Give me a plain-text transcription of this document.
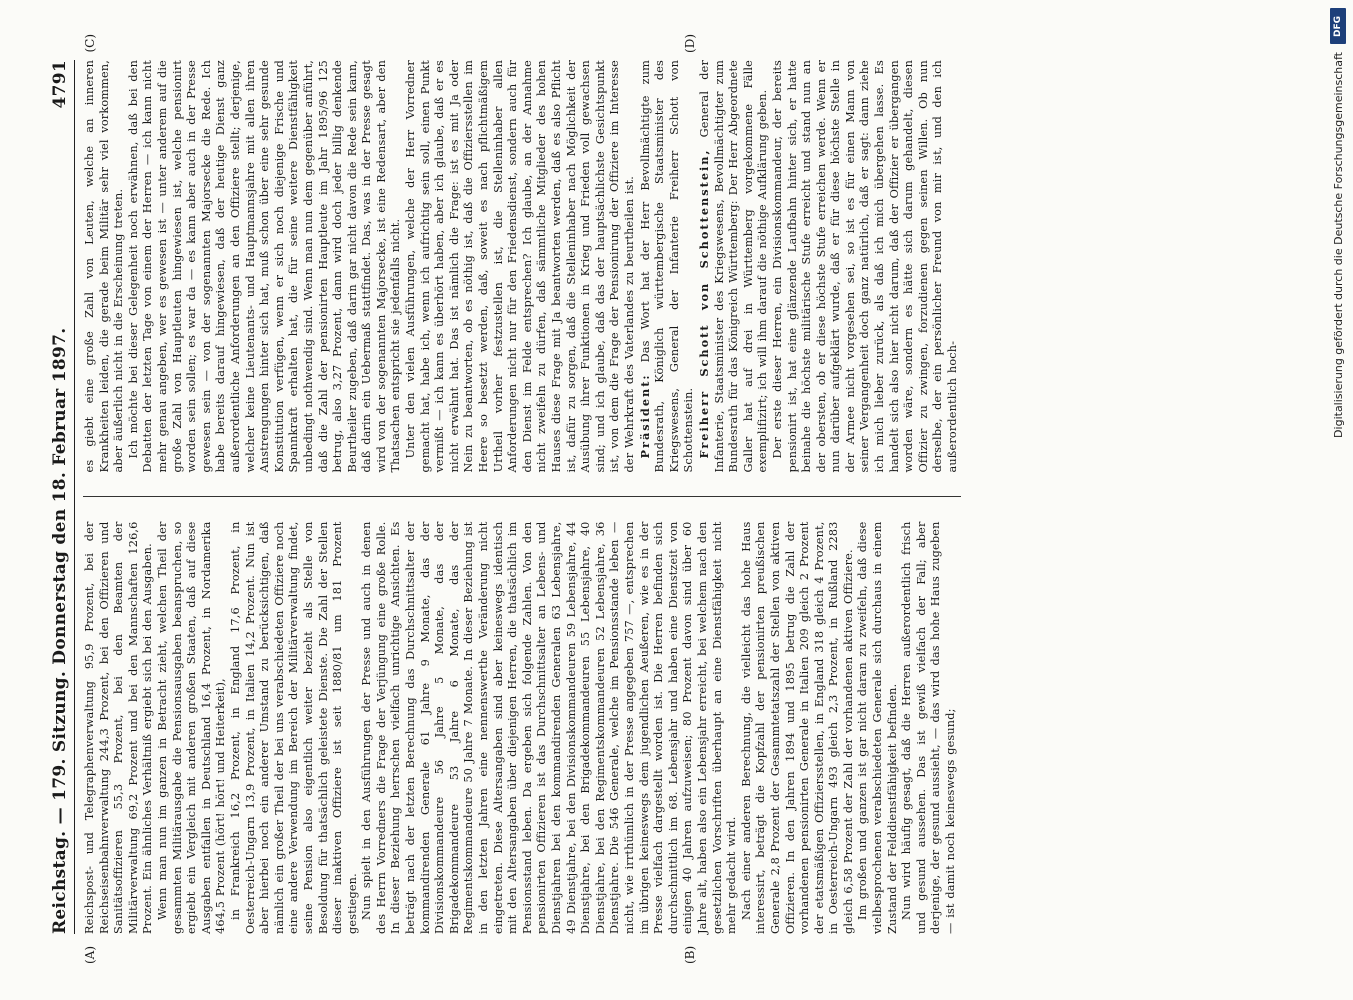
Reichstag. — 179. Sitzung. Donnerstag den 18. Februar 1897.
4791

Reichspost- und Telegraphenverwaltung 95,9 Prozent, bei der Reichseisenbahnverwaltung 244,3 Prozent, bei den Offizieren und Sanitätsoffizieren 55,3 Prozent, bei den Beamten der Militärverwaltung 69,2 Prozent und bei den Mannschaften 126,6 Prozent. Ein ähnliches Verhältniß ergiebt sich bei den Ausgaben. Wenn man nun im ganzen in Betracht zieht, welchen Theil der gesammten Militärausgabe die Pensionsausgaben beanspruchen, so ergiebt ein Vergleich mit anderen großen Staaten, daß auf diese Ausgaben entfallen in Deutschland 16,4 Prozent, in Nordamerika 464,5 Prozent (hört! hört! und Heiterkeit), in Frankreich 16,2 Prozent, in England 17,6 Prozent, in Oesterreich-Ungarn 13,9 Prozent, in Italien 14,2 Prozent. Nun ist aber hierbei noch ein anderer Umstand zu berücksichtigen, daß nämlich ein großer Theil der bei uns verabschiedeten Offiziere noch eine andere Verwendung im Bereich der Militärverwaltung findet, seine Pension also eigentlich weiter bezieht als Stelle von Besoldung für thatsächlich geleistete Dienste. Die Zahl der Stellen dieser inaktiven Offiziere ist seit 1880/81 um 181 Prozent gestiegen. Nun spielt in den Ausführungen der Presse und auch in denen des Herrn Vorredners die Frage der Verjüngung eine große Rolle. In dieser Beziehung herrschen vielfach unrichtige Ansichten. Es beträgt nach der letzten Berechnung das Durchschnittsalter der kommandirenden Generale 61 Jahre 9 Monate, das der Divisionskommandeure 56 Jahre 5 Monate, das der Brigadekommandeure 53 Jahre 6 Monate, das der Regimentskommandeure 50 Jahre 7 Monate. In dieser Beziehung ist in den letzten Jahren eine nennenswerthe Veränderung nicht eingetreten. Diese Altersangaben sind aber keineswegs identisch mit den Altersangaben über diejenigen Herren, die thatsächlich im Pensionsstand leben. Da ergeben sich folgende Zahlen. Von den pensionirten Offizieren ist das Durchschnittsalter an Lebens- und Dienstjahren bei den kommandirenden Generalen 63 Lebensjahre, 49 Dienstjahre, bei den Divisionskommandeuren 59 Lebensjahre, 44 Dienstjahre, bei den Brigadekommandeuren 55 Lebensjahre, 40 Dienstjahre, bei den Regimentskommandeuren 52 Lebensjahre, 36 Dienstjahre. Die 546 Generale, welche im Pensionsstande leben — nicht, wie irrthümlich in der Presse angegeben 757 —, entsprechen im übrigen keineswegs dem jugendlichen Aeußeren, wie es in der Presse vielfach dargestellt worden ist. Die Herren befinden sich durchschnittlich im 68. Lebensjahr und haben eine Dienstzeit von einigen 40 Jahren aufzuweisen; 80 Prozent davon sind über 60 Jahre alt, haben also ein Lebensjahr erreicht, bei welchem nach den gesetzlichen Vorschriften überhaupt an eine Dienstfähigkeit nicht mehr gedacht wird. Nach einer anderen Berechnung, die vielleicht das hohe Haus interessirt, beträgt die Kopfzahl der pensionirten preußischen Generale 2,8 Prozent der Gesammtetatszahl der Stellen von aktiven Offizieren. In den Jahren 1894 und 1895 betrug die Zahl der vorhandenen pensionirten Generale in Italien 209 gleich 2 Prozent der etatsmäßigen Offiziersstellen, in England 318 gleich 4 Prozent, in Oesterreich-Ungarn 493 gleich 2,3 Prozent, in Rußland 2283 gleich 6,58 Prozent der Zahl der vorhandenen aktiven Offiziere. Im großen und ganzen ist gar nicht daran zu zweifeln, daß diese vielbesprochenen verabschiedeten Generale sich durchaus in einem Zustand der Felddienstfähigkeit befinden. Nun wird häufig gesagt, daß die Herren außerordentlich frisch und gesund aussehen. Das ist gewiß vielfach der Fall; aber derjenige, der gesund aussieht, — das wird das hohe Haus zugeben — ist damit noch keineswegs gesund;

es giebt eine große Zahl von Leuten, welche an inneren Krankheiten leiden, die gerade beim Militär sehr viel vorkommen, aber äußerlich nicht in die Erscheinung treten. Ich möchte bei dieser Gelegenheit noch erwähnen, daß bei den Debatten der letzten Tage von einem der Herren — ich kann nicht mehr genau angeben, wer es gewesen ist — unter anderem auf die große Zahl von Hauptleuten hingewiesen ist, welche pensionirt worden sein sollen; es war da — es kann aber auch in der Presse gewesen sein — von der sogenannten Majorsecke die Rede. Ich habe bereits darauf hingewiesen, daß der heutige Dienst ganz außerordentliche Anforderungen an den Offiziere stellt; derjenige, welcher keine Lieutenants- und Hauptmannsjahre mit allen ihren Anstrengungen hinter sich hat, muß schon über eine sehr gesunde Konstitution verfügen, wenn er sich noch diejenige Frische und Spannkraft erhalten hat, die für seine weitere Dienstfähigkeit unbedingt nothwendig sind. Wenn man nun dem gegenüber anführt, daß die Zahl der pensionirten Hauptleute im Jahr 1895/96 125 betrug, also 3,27 Prozent, dann wird doch jeder billig denkende Beurtheiler zugeben, daß darin gar nicht davon die Rede sein kann, daß darin ein Uebermaß stattfindet. Das, was in der Presse gesagt wird von der sogenannten Majorsecke, ist eine Redensart, aber den Thatsachen entspricht sie jedenfalls nicht. Unter den vielen Ausführungen, welche der Herr Vorredner gemacht hat, habe ich, wenn ich aufrichtig sein soll, einen Punkt vermißt — ich kann es überhört haben, aber ich glaube, daß er es nicht erwähnt hat. Das ist nämlich die Frage: ist es mit Ja oder Nein zu beantworten, ob es nöthig ist, daß die Offiziersstellen im Heere so besetzt werden, daß, soweit es nach pflichtmäßigem Urtheil vorher festzustellen ist, die Stelleninhaber allen Anforderungen nicht nur für den Friedensdienst, sondern auch für den Dienst im Felde entsprechen? Ich glaube, an der Annahme nicht zweifeln zu dürfen, daß sämmtliche Mitglieder des hohen Hauses diese Frage mit Ja beantworten werden, daß es also Pflicht ist, dafür zu sorgen, daß die Stelleninhaber nach Möglichkeit der Ausübung ihrer Funktionen in Krieg und Frieden voll gewachsen sind; und ich glaube, daß das der hauptsächlichste Gesichtspunkt ist, von dem die Frage der Pensionirung der Offiziere im Interesse der Wehrkraft des Vaterlandes zu beurtheilen ist. Präsident: Das Wort hat der Herr Bevollmächtigte zum Bundesrath, Königlich württembergische Staatsminister des Kriegswesens, General der Infanterie Freiherr Schott von Schottenstein. Freiherr Schott von Schottenstein, General der Infanterie, Staatsminister des Kriegswesens, Bevollmächtigter zum Bundesrath für das Königreich Württemberg: Der Herr Abgeordnete Galler hat auf drei in Württemberg vorgekommene Fälle exemplifizirt; ich will ihm darauf die nöthige Aufklärung geben. Der erste dieser Herren, ein Divisionskommandeur, der bereits pensionirt ist, hat eine glänzende Laufbahn hinter sich, er hatte beinahe die höchste militärische Stufe erreicht und stand nun an der obersten, ob er diese höchste Stufe erreichen werde. Wenn er nun darüber aufgeklärt wurde, daß er für diese höchste Stelle in der Armee nicht vorgesehen sei, so ist es für einen Mann von seiner Vergangenheit doch ganz natürlich, daß er sagt: dann ziehe ich mich lieber zurück, als daß ich mich übergehen lasse. Es handelt sich also hier nicht darum, daß der Offizier er übergangen worden wäre, sondern es hätte sich darum gehandelt, diesen Offizier zu zwingen, forzudienen gegen seinen Willen. Ob nun derselbe, der ein persönlicher Freund von mir ist, und den ich außerordentlich hoch-

(A)	(B)
(C)	(D)
DFG
Digitalisierung gefördert durch die Deutsche Forschungsgemeinschaft
